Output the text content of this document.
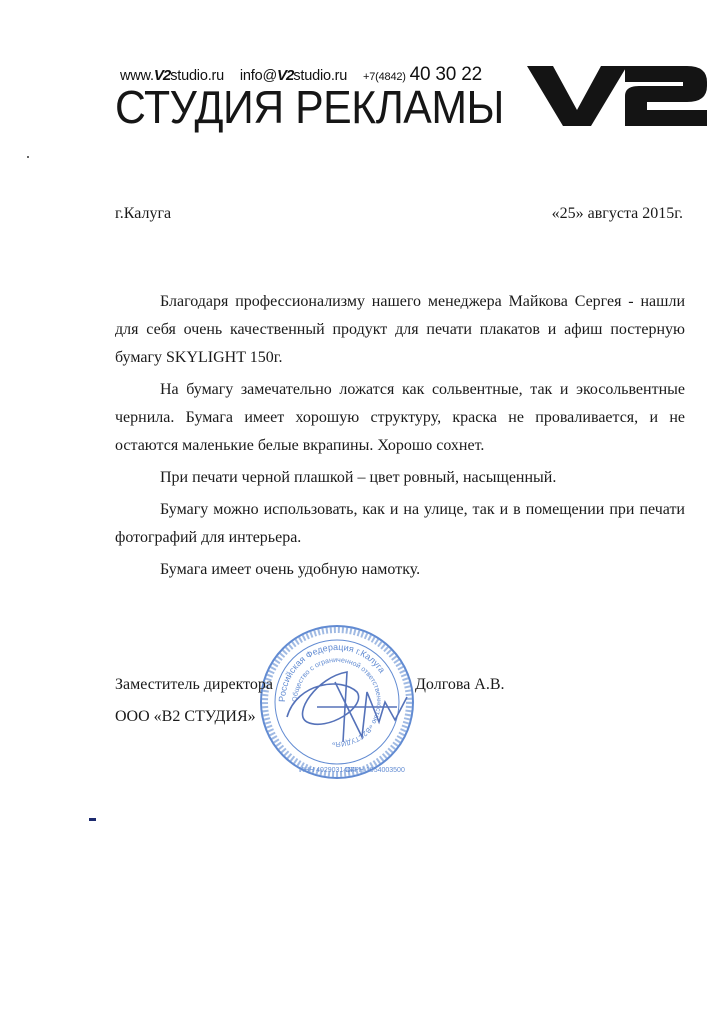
www.V2studio.ru info@V2studio.ru +7(4842) 40 30 22
СТУДИЯ РЕКЛАМЫ
г.Калуга	«25» августа 2015г.

Благодаря профессионализму нашего менеджера Майкова Сергея - нашли для себя очень качественный продукт для печати плакатов и афиш постерную бумагу SKYLIGHT 150г.

На бумагу замечательно ложатся как сольвентные, так и экосольвентные чернила. Бумага имеет хорошую структуру, краска не проваливается, и не остаются маленькие белые вкрапины. Хорошо сохнет.

При печати черной плашкой – цвет ровный, насыщенный.

Бумагу можно использовать, как и на улице, так и в помещении при печати фотографий для интерьера.

Бумага имеет очень удобную намотку.

Российская Федерация г.Калуга
Общество с ограниченной ответственностью «В2СТУДИЯ»
ИНН 4029031464
ОГРН 1054003500
Заместитель директора
ООО «В2 СТУДИЯ»
Долгова А.В.
